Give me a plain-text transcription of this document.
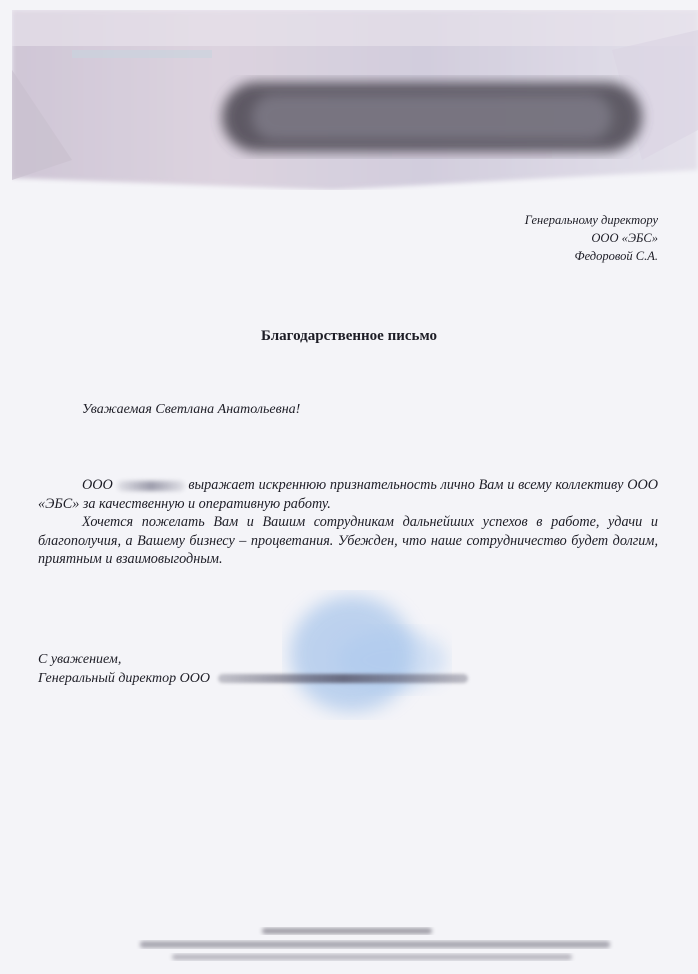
Генеральному директору
ООО «ЭБС»
Федоровой С.А.
Благодарственное письмо
Уважаемая Светлана Анатольевна!

ООО	выражает искреннюю признательность лично Вам и всему коллективу ООО «ЭБС» за качественную и оперативную работу.

Хочется пожелать Вам и Вашим сотрудникам дальнейших успехов в работе, удачи и благополучия, а Вашему бизнесу – процветания. Убежден, что наше сотрудничество будет долгим, приятным и взаимовыгодным.

С уважением,
Генеральный директор ООО
